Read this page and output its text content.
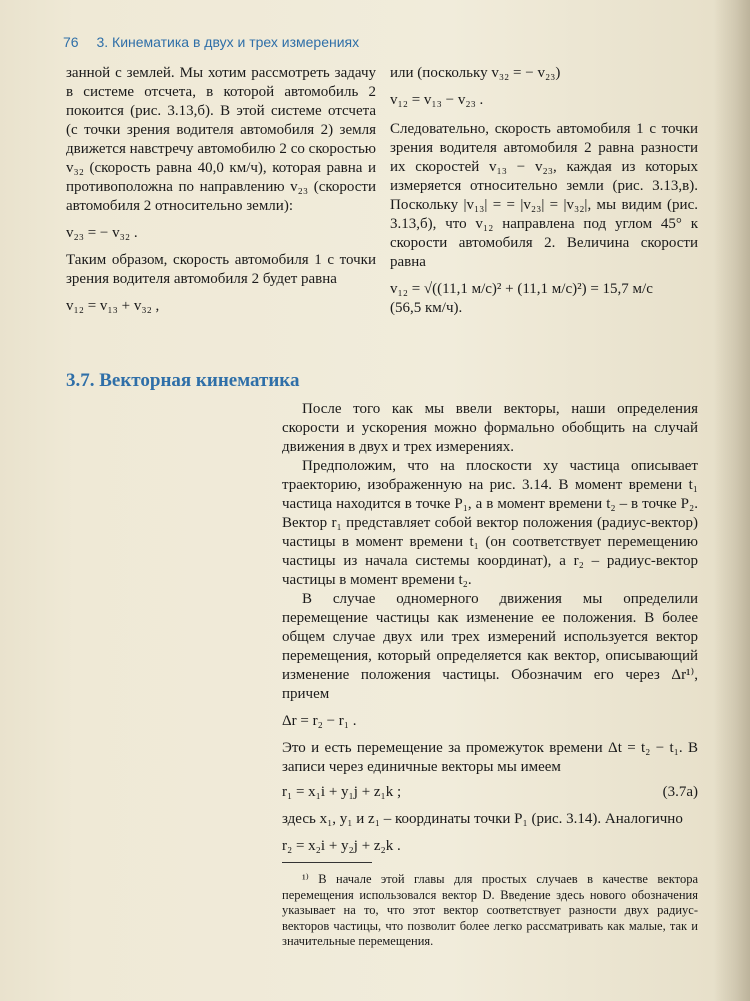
76 3. Кинематика в двух и трех измерениях

занной с землей. Мы хотим рассмотреть задачу в системе отсчета, в которой автомобиль 2 покоится (рис. 3.13,б). В этой системе отсчета (с точки зрения водителя автомобиля 2) земля движется навстречу автомобилю 2 со скоростью v₃₂ (скорость равна 40,0 км/ч), которая равна и противоположна по направлению v₂₃ (скорости автомобиля 2 относительно земли):

v₂₃ = − v₃₂ .

Таким образом, скорость автомобиля 1 с точки зрения водителя автомобиля 2 будет равна

v₁₂ = v₁₃ + v₃₂ ,

или (поскольку v₃₂ = − v₂₃)

v₁₂ = v₁₃ − v₂₃ .

Следовательно, скорость автомобиля 1 с точки зрения водителя автомобиля 2 равна разности их скоростей v₁₃ − v₂₃, каждая из которых измеряется относительно земли (рис. 3.13,в). Поскольку |v₁₃| = = |v₂₃| = |v₃₂|, мы видим (рис. 3.13,б), что v₁₂ направлена под углом 45° к скорости автомобиля 2. Величина скорости равна

v₁₂ = √((11,1 м/с)² + (11,1 м/с)²) = 15,7 м/с

(56,5 км/ч).

3.7. Векторная кинематика

После того как мы ввели векторы, наши определения скорости и ускорения можно формально обобщить на случай движения в двух и трех измерениях.

Предположим, что на плоскости xy частица описывает траекторию, изображенную на рис. 3.14. В момент времени t₁ частица находится в точке P₁, а в момент времени t₂ – в точке P₂. Вектор r₁ представляет собой вектор положения (радиус-вектор) частицы в момент времени t₁ (он соответствует перемещению частицы из начала системы координат), а r₂ – радиус-вектор частицы в момент времени t₂.

В случае одномерного движения мы определили перемещение частицы как изменение ее положения. В более общем случае двух или трех измерений используется вектор перемещения, который определяется как вектор, описывающий изменение положения частицы. Обозначим его через Δr¹⁾, причем

Δr = r₂ − r₁ .

Это и есть перемещение за промежуток времени Δt = t₂ − t₁. В записи через единичные векторы мы имеем

r₁ = x₁i + y₁j + z₁k ;	(3.7a)

здесь x₁, y₁ и z₁ – координаты точки P₁ (рис. 3.14). Аналогично

r₂ = x₂i + y₂j + z₂k .

¹⁾ В начале этой главы для простых случаев в качестве вектора перемещения использовался вектор D. Введение здесь нового обозначения указывает на то, что этот вектор соответствует разности двух радиус-векторов частицы, что позволит более легко рассматривать как малые, так и значительные перемещения.
